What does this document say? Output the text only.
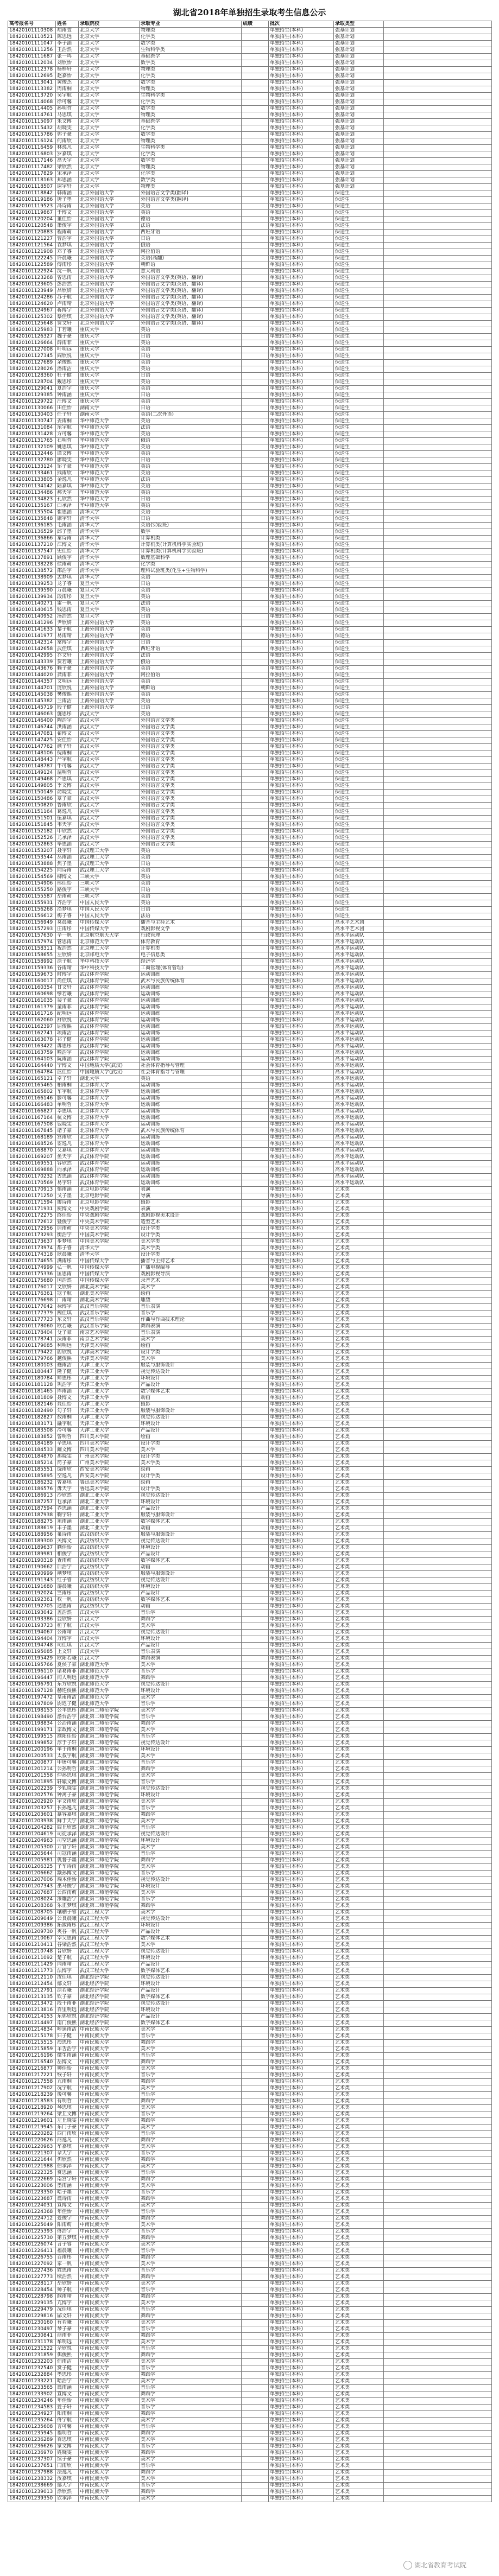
湖北省2018年单独招生录取考生信息公示
高考报名号	姓名	录取院校	录取专业	成绩	批次	录取类型	
18420101110308	胡雨萱	北京大学	物理类		单独招生(本科)	强基计划	
18420101110521	陈思远	北京大学	化学类		单独招生(本科)	强基计划	
18420101111047	李子涵	北京大学	数学类		单独招生(本科)	强基计划	
18420101111256	王浩然	北京大学	生物科学类		单独招生(本科)	强基计划	
18420101111687	张一鸣	北京大学	基础医学		单独招生(本科)	强基计划	
18420101112034	刘欣怡	北京大学	数学类		单独招生(本科)	强基计划	
18420101112378	杨梓轩	北京大学	物理类		单独招生(本科)	强基计划	
18420101112695	赵嘉怡	北京大学	化学类		单独招生(本科)	强基计划	
18420101113041	黄俊杰	北京大学	数学类		单独招生(本科)	强基计划	
18420101113382	周雨桐	北京大学	物理类		单独招生(本科)	强基计划	
18420101113720	吴宇航	北京大学	生物科学类		单独招生(本科)	强基计划	
18420101114068	徐可馨	北京大学	化学类		单独招生(本科)	强基计划	
18420101114405	孙明哲	北京大学	数学类		单独招生(本科)	强基计划	
18420101114761	马思琪	北京大学	物理类		单独招生(本科)	强基计划	
18420101115097	朱文博	北京大学	基础医学		单独招生(本科)	强基计划	
18420101115432	胡晓雯	北京大学	化学类		单独招生(本科)	强基计划	
18420101115786	郭子豪	北京大学	数学类		单独招生(本科)	强基计划	
18420101116124	何雨欣	北京大学	物理类		单独招生(本科)	强基计划	
18420101116459	林逸凡	北京大学	生物科学类		单独招生(本科)	强基计划	
18420101116803	罗嘉琪	北京大学	化学类		单独招生(本科)	强基计划	
18420101117146	高天宇	北京大学	数学类		单独招生(本科)	强基计划	
18420101117482	梁欣然	北京大学	物理类		单独招生(本科)	强基计划	
18420101117829	宋承泽	北京大学	化学类		单独招生(本科)	强基计划	
18420101118163	郑思涵	北京大学	数学类		单独招生(本科)	强基计划	
18420101118507	谢宇轩	北京大学	物理类		单独招生(本科)	强基计划	
18420101118842	韩雨涵	北京外国语大学	外国语言文学类(翻译)		单独招生(本科)	保送生	
18420101119186	唐子墨	北京外国语大学	外国语言文学类(翻译)		单独招生(本科)	保送生	
18420101119523	冯诗雨	北京外国语大学	英语		单独招生(本科)	保送生	
18420101119867	于博文	北京外国语大学	英语		单独招生(本科)	保送生	
18420101120204	董佳怡	北京外国语大学	德语		单独招生(本科)	保送生	
18420101120548	萧俊宇	北京外国语大学	法语		单独招生(本科)	保送生	
18420101120883	程雨萌	北京外国语大学	西班牙语		单独招生(本科)	保送生	
18420101121227	曹浩宇	北京外国语大学	日语		单独招生(本科)	保送生	
18420101121564	袁梦琪	北京外国语大学	俄语		单独招生(本科)	保送生	
18420101121908	邓子睿	北京外国语大学	阿拉伯语		单独招生(本科)	保送生	
18420101122245	许晨曦	北京外国语大学	英语(高翻)		单独招生(本科)	保送生	
18420101122589	傅雨彤	北京外国语大学	朝鲜语		单独招生(本科)	保送生	
18420101122924	沈一帆	北京外国语大学	意大利语		单独招生(本科)	保送生	
18420101123268	曾思雨	北京外国语大学	外国语言文学类(英语、翻译)		单独招生(本科)	保送生	
18420101123605	彭浩然	北京外国语大学	外国语言文学类(英语、翻译)		单独招生(本科)	保送生	
18420101123949	吕欣妍	北京外国语大学	外国语言文学类(英语、翻译)		单独招生(本科)	保送生	
18420101124286	苏子航	北京外国语大学	外国语言文学类(英语、翻译)		单独招生(本科)	保送生	
18420101124620	卢雨晴	北京外国语大学	外国语言文学类(英语、翻译)		单独招生(本科)	保送生	
18420101124967	蒋博宇	北京外国语大学	外国语言文学类(英语、翻译)		单独招生(本科)	保送生	
18420101125302	蔡佳琪	北京外国语大学	外国语言文学类(英语、翻译)		单独招生(本科)	保送生	
18420101125648	贾文轩	北京外国语大学	外国语言文学类(英语、翻译)		单独招生(本科)	保送生	
18420101125983	丁若曦	重庆大学	英语		单独招生(本科)	保送生	
18420101126327	魏子豪	重庆大学	日语		单独招生(本科)	保送生	
18420101126664	薛雨菲	重庆大学	英语		单独招生(本科)	保送生	
18420101127008	叶明远	重庆大学	英语		单独招生(本科)	保送生	
18420101127345	阎欣悦	重庆大学	日语		单独招生(本科)	保送生	
18420101127689	余俊熙	重庆大学	英语		单独招生(本科)	保送生	
18420101128026	潘雨洁	重庆大学	英语		单独招生(本科)	保送生	
18420101128360	杜子健	重庆大学	日语		单独招生(本科)	保送生	
18420101128704	戴思彤	重庆大学	英语		单独招生(本科)	保送生	
18420101129041	夏浩宇	重庆大学	英语		单独招生(本科)	保送生	
18420101129385	钟雨涵	重庆大学	日语		单独招生(本科)	保送生	
18420101129722	汪博文	重庆大学	英语		单独招生(本科)	保送生	
18420101130066	田佳怡	湖南大学	日语		单独招生(本科)	保送生	
18420101130403	任子轩	湖南大学	英语(二次外语)		单独招生(本科)	保送生	
18420101130747	姜雨桐	华中师范大学	英语		单独招生(本科)	保送生	
18420101131084	范宇航	华中师范大学	法语		单独招生(本科)	保送生	
18420101131428	方可馨	华中师范大学	英语		单独招生(本科)	保送生	
18420101131765	石明哲	华中师范大学	俄语		单独招生(本科)	保送生	
18420101132109	姚思琪	华中师范大学	英语		单独招生(本科)	保送生	
18420101132446	谭文博	华中师范大学	英语		单独招生(本科)	保送生	
18420101132780	廖晓雯	华中师范大学	日语		单独招生(本科)	保送生	
18420101133124	邹子豪	华中师范大学	英语		单独招生(本科)	保送生	
18420101133461	熊雨欣	华中师范大学	英语		单独招生(本科)	保送生	
18420101133805	金逸凡	华中师范大学	法语		单独招生(本科)	保送生	
18420101134142	陆嘉琪	华中师范大学	英语		单独招生(本科)	保送生	
18420101134486	郝天宇	华中师范大学	英语		单独招生(本科)	保送生	
18420101134823	孔欣然	华中师范大学	日语		单独招生(本科)	保送生	
18420101135167	白承泽	华中师范大学	英语		单独招生(本科)	保送生	
18420101135504	崔思涵	清华大学	英语		单独招生(本科)	保送生	
18420101135848	康宇轩	清华大学	日语		单独招生(本科)	保送生	
18420101136185	毛雨涵	清华大学	英语(实验班)		单独招生(本科)	保送生	
18420101136529	邱子墨	清华大学	数学		单独招生(本科)	保送生	
18420101136866	秦诗雨	清华大学	计算机类		单独招生(本科)	保送生	
18420101137210	江博文	清华大学	计算机类(计算机科学实验班)		单独招生(本科)	保送生	
18420101137547	史佳怡	清华大学	计算机类(计算机科学实验班)		单独招生(本科)	保送生	
18420101137891	顾俊宇	清华大学	数理基础科学		单独招生(本科)	保送生	
18420101138228	侯雨萌	清华大学	化学类		单独招生(本科)	保送生	
18420101138572	邵浩宇	清华大学	理科试验班类(化生+生物科学)		单独招生(本科)	保送生	
18420101138909	孟梦琪	清华大学	英语		单独招生(本科)	保送生	
18420101139253	龙子睿	复旦大学	日语		单独招生(本科)	保送生	
18420101139590	万晨曦	复旦大学	英语		单独招生(本科)	保送生	
18420101139934	段雨彤	复旦大学	英语		单独招生(本科)	保送生	
18420101140271	雷一帆	复旦大学	法语		单独招生(本科)	保送生	
18420101140615	钱思雨	复旦大学	英语		单独招生(本科)	保送生	
18420101140952	汤浩然	复旦大学	日语		单独招生(本科)	保送生	
18420101141296	尹欣妍	上海外国语大学	英语		单独招生(本科)	保送生	
18420101141633	黎子航	上海外国语大学	英语		单独招生(本科)	保送生	
18420101141977	易雨晴	上海外国语大学	德语		单独招生(本科)	保送生	
18420101142314	常博宇	上海外国语大学	日语		单独招生(本科)	保送生	
18420101142658	武佳琪	上海外国语大学	西班牙语		单独招生(本科)	保送生	
18420101142995	乔文轩	上海外国语大学	法语		单独招生(本科)	保送生	
18420101143339	贺若曦	上海外国语大学	俄语		单独招生(本科)	保送生	
18420101143676	赖子豪	上海外国语大学	英语		单独招生(本科)	保送生	
18420101144020	龚雨菲	上海外国语大学	阿拉伯语		单独招生(本科)	保送生	
18420101144357	文明远	上海外国语大学	英语		单独招生(本科)	保送生	
18420101144701	庞欣悦	上海外国语大学	朝鲜语		单独招生(本科)	保送生	
18420101145038	樊俊熙	上海外国语大学	英语		单独招生(本科)	保送生	
18420101145382	兰雨洁	上海外国语大学	英语		单独招生(本科)	保送生	
18420101145719	殷子健	上海外国语大学	日语		单独招生(本科)	保送生	
18420101146063	施思彤	武汉大学	英语		单独招生(本科)	保送生	
18420101146400	陶浩宇	武汉大学	外国语言文学类		单独招生(本科)	保送生	
18420101146744	洪雨涵	武汉大学	外国语言文学类		单独招生(本科)	保送生	
18420101147081	翟博文	武汉大学	外国语言文学类		单独招生(本科)	保送生	
18420101147425	安佳怡	武汉大学	外国语言文学类		单独招生(本科)	保送生	
18420101147762	颜子轩	武汉大学	外国语言文学类		单独招生(本科)	保送生	
18420101148106	倪雨桐	武汉大学	外国语言文学类		单独招生(本科)	保送生	
18420101148443	严宇航	武汉大学	外国语言文学类		单独招生(本科)	保送生	
18420101148787	牛可馨	武汉大学	外国语言文学类		单独招生(本科)	保送生	
18420101149124	温明哲	武汉大学	外国语言文学类		单独招生(本科)	保送生	
18420101149468	芦思琪	武汉大学	外国语言文学类		单独招生(本科)	保送生	
18420101149805	季文博	武汉大学	外国语言文学类		单独招生(本科)	保送生	
18420101150149	俞晓雯	武汉大学	外国语言文学类		单独招生(本科)	保送生	
18420101150486	章子豪	武汉大学	外国语言文学类		单独招生(本科)	保送生	
18420101150820	鲁雨欣	武汉大学	外国语言文学类		单独招生(本科)	保送生	
18420101151164	葛逸凡	武汉大学	外国语言文学类		单独招生(本科)	保送生	
18420101151501	伍嘉琪	武汉大学	外国语言文学类		单独招生(本科)	保送生	
18420101151845	韦天宇	武汉大学	外国语言文学类		单独招生(本科)	保送生	
18420101152182	申欣然	武汉大学	外国语言文学类		单独招生(本科)	保送生	
18420101152526	尤承泽	武汉大学	外国语言文学类		单独招生(本科)	保送生	
18420101152863	毕思涵	武汉大学	外国语言文学类		单独招生(本科)	保送生	
18420101153207	聂宇轩	武汉理工大学	英语		单独招生(本科)	保送生	
18420101153544	丛雨涵	武汉理工大学	英语		单独招生(本科)	保送生	
18420101153888	焦子墨	武汉理工大学	日语		单独招生(本科)	保送生	
18420101154225	向诗雨	武汉理工大学	英语		单独招生(本科)	保送生	
18420101154569	柳博文	三峡大学	英语		单独招生(本科)	保送生	
18420101154906	邢佳怡	三峡大学	英语		单独招生(本科)	保送生	
18420101155250	路俊宇	三峡大学	日语		单独招生(本科)	保送生	
18420101155587	岳雨萌	三峡大学	英语		单独招生(本科)	保送生	
18420101155931	齐浩宇	中国人民大学	英语		单独招生(本科)	保送生	
18420101156268	沿梦琪	中国人民大学	日语		单独招生(本科)	保送生	
18420101156612	梅子睿	中国人民大学	法语		单独招生(本科)	保送生	
18420101156949	莫晨曦	中国传媒大学	播音与主持艺术		单独招生(本科)	高水平艺术团	
18420101157293	庄雨彤	中国传媒大学	戏剧影视文学		单独招生(本科)	高水平艺术团	
18420101157630	辛一帆	北京航空航天大学	行政管理		单独招生(本科)	高水平运动队	
18420101157974	管思雨	北京师范大学	体育教育		单独招生(本科)	高水平运动队	
18420101158311	祝浩然	北京理工大学	计算机类		单独招生(本科)	高水平运动队	
18420101158655	左欣妍	北京邮电大学	电子信息类		单独招生(本科)	高水平运动队	
18420101158992	涂子航	华中科技大学	经济学		单独招生(本科)	高水平运动队	
18420101159336	谷雨晴	华中科技大学	工商管理(体育管理)		单独招生(本科)	高水平运动队	
18420101159673	时博宇	武汉体育学院	运动训练		单独招生(本科)	高水平运动队	
18420101160017	尚佳琪	武汉体育学院	武术与民族传统体育		单独招生(本科)	高水平运动队	
18420101160354	甘文轩	武汉体育学院	运动训练		单独招生(本科)	高水平运动队	
18420101160698	缪若曦	武汉体育学院	运动训练		单独招生(本科)	高水平运动队	
18420101161035	裴子豪	武汉体育学院	运动训练		单独招生(本科)	高水平运动队	
18420101161379	童雨菲	武汉体育学院	运动训练		单独招生(本科)	高水平运动队	
18420101161716	纪明远	武汉体育学院	运动训练		单独招生(本科)	高水平运动队	
18420101162060	舒欣悦	武汉体育学院	运动训练		单独招生(本科)	高水平运动队	
18420101162397	屈俊熙	武汉体育学院	运动训练		单独招生(本科)	高水平运动队	
18420101162741	项雨洁	武汉体育学院	运动训练		单独招生(本科)	高水平运动队	
18420101163078	祁子健	武汉体育学院	运动训练		单独招生(本科)	高水平运动队	
18420101163422	毋思彤	武汉体育学院	运动训练		单独招生(本科)	高水平运动队	
18420101163759	喻浩宇	武汉体育学院	运动训练		单独招生(本科)	高水平运动队	
18420101164103	阮雨涵	武汉体育学院	运动训练		单独招生(本科)	高水平运动队	
18420101164440	宁博文	中国地质大学(武汉)	社会体育指导与管理		单独招生(本科)	高水平运动队	
18420101164784	蓝佳怡	中国地质大学(武汉)	社会体育指导与管理		单独招生(本科)	高水平运动队	
18420101165121	卓子轩	湖北大学	英语		单独招生(本科)	高水平运动队	
18420101165465	柏雨桐	北京体育大学	运动训练		单独招生(本科)	高水平运动队	
18420101165802	车宇航	北京体育大学	运动训练		单独招生(本科)	高水平运动队	
18420101166146	滕可馨	北京体育大学	运动训练		单独招生(本科)	高水平运动队	
18420101166483	单明哲	北京体育大学	运动训练		单独招生(本科)	高水平运动队	
18420101166827	莘思琪	北京体育大学	运动训练		单独招生(本科)	高水平运动队	
18420101167164	杭文博	北京体育大学	运动训练		单独招生(本科)	高水平运动队	
18420101167508	包晓雯	北京体育大学	运动训练		单独招生(本科)	高水平运动队	
18420101167845	诸子豪	北京体育大学	武术与民族传统体育		单独招生(本科)	高水平运动队	
18420101168189	宫雨欣	北京体育大学	运动训练		单独招生(本科)	高水平运动队	
18420101168526	宦逸凡	北京体育大学	运动训练		单独招生(本科)	高水平运动队	
18420101168870	艾嘉琪	北京体育大学	运动训练		单独招生(本科)	高水平运动队	
18420101169207	鱼天宇	武汉体育学院	运动训练		单独招生(本科)	高水平运动队	
18420101169551	容欣然	武汉体育学院	运动训练		单独招生(本科)	高水平运动队	
18420101169888	向承泽	武汉体育学院	运动训练		单独招生(本科)	高水平运动队	
18420101170232	古思涵	武汉体育学院	运动训练		单独招生(本科)	高水平运动队	
18420101170569	易宇轩	武汉体育学院	运动训练		单独招生(本科)	高水平运动队	
18420101170913	慎雨涵	北京电影学院	表演		单独招生(本科)	艺术类	
18420101171250	戈子墨	北京电影学院	导演		单独招生(本科)	艺术类	
18420101171594	廖诗雨	北京电影学院	摄影		单独招生(本科)	艺术类	
18420101171931	庾博文	中央戏剧学院	表演		单独招生(本科)	艺术类	
18420101172275	终佳怡	中央戏剧学院	戏剧影视美术设计		单独招生(本科)	艺术类	
18420101172612	暨俊宇	中央美术学院	造型艺术		单独招生(本科)	艺术类	
18420101172956	居雨萌	中央美术学院	设计学类		单独招生(本科)	艺术类	
18420101173293	衡浩宇	中国美术学院	设计学类		单独招生(本科)	艺术类	
18420101173637	步梦琪	中国美术学院	美术学类		单独招生(本科)	艺术类	
18420101173974	都子睿	清华大学	美术学类		单独招生(本科)	艺术类	
18420101174318	耿晨曦	清华大学	设计学类		单独招生(本科)	艺术类	
18420101174655	满雨彤	中国传媒大学	播音与主持艺术		单独招生(本科)	艺术类	
18420101174999	弘一帆	中国传媒大学	广播电视编导		单独招生(本科)	艺术类	
18420101175336	匡思雨	中国传媒大学	戏剧影视导演		单独招生(本科)	艺术类	
18420101175680	国浩然	中国传媒大学	录音艺术		单独招生(本科)	艺术类	
18420101176017	文欣妍	湖北美术学院	美术学		单独招生(本科)	艺术类	
18420101176361	寇子航	湖北美术学院	绘画		单独招生(本科)	艺术类	
18420101176698	广雨晴	湖北美术学院	雕塑		单独招生(本科)	艺术类	
18420101177042	禄博宇	武汉音乐学院	音乐表演		单独招生(本科)	艺术类	
18420101177379	阙佳琪	武汉音乐学院	音乐学		单独招生(本科)	艺术类	
18420101177723	东文轩	武汉音乐学院	作曲与作曲技术理论		单独招生(本科)	艺术类	
18420101178060	欧若曦	武汉音乐学院	舞蹈表演		单独招生(本科)	艺术类	
18420101178404	殳子豪	南京艺术学院	音乐表演		单独招生(本科)	艺术类	
18420101178741	沃雨菲	南京艺术学院	美术学		单独招生(本科)	艺术类	
18420101179085	利明远	天津美术学院	绘画		单独招生(本科)	艺术类	
18420101179422	蔚欣悦	天津美术学院	设计学类		单独招生(本科)	艺术类	
18420101179766	越俊熙	天津美术学院	美术学		单独招生(本科)	艺术类	
18420101180103	夔雨洁	天津工业大学	服装与服饰设计		单独招生(本科)	艺术类	
18420101180447	隆子健	天津工业大学	视觉传达设计		单独招生(本科)	艺术类	
18420101180784	师思彤	天津工业大学	环境设计		单独招生(本科)	艺术类	
18420101181128	巩浩宇	天津工业大学	产品设计		单独招生(本科)	艺术类	
18420101181465	厍雨涵	天津工业大学	数字媒体艺术		单独招生(本科)	艺术类	
18420101181809	聂博文	天津工业大学	动画		单独招生(本科)	艺术类	
18420101182146	晁佳怡	天津工业大学	摄影		单独招生(本科)	艺术类	
18420101182490	勾子轩	天津工业大学	服装与服饰设计		单独招生(本科)	艺术类	
18420101182827	敖雨桐	天津工业大学	视觉传达设计		单独招生(本科)	艺术类	
18420101183171	融宇航	天津工业大学	环境设计		单独招生(本科)	艺术类	
18420101183508	冷可馨	天津工业大学	产品设计		单独招生(本科)	艺术类	
18420101183852	訾明哲	四川美术学院	绘画		单独招生(本科)	艺术类	
18420101184189	辛思琪	四川美术学院	设计学类		单独招生(本科)	艺术类	
18420101184533	阚文博	四川美术学院	美术学		单独招生(本科)	艺术类	
18420101184870	那晓雯	广州美术学院	设计学类		单独招生(本科)	艺术类	
18420101185214	简子豪	广州美术学院	美术学类		单独招生(本科)	艺术类	
18420101185551	饶雨欣	西安美术学院	绘画		单独招生(本科)	艺术类	
18420101185895	空逸凡	西安美术学院	设计学类		单独招生(本科)	艺术类	
18420101186232	曾嘉琪	鲁迅美术学院	绘画		单独招生(本科)	艺术类	
18420101186576	毋天宇	鲁迅美术学院	设计学类		单独招生(本科)	艺术类	
18420101186913	沙欣然	湖北工业大学	视觉传达设计		单独招生(本科)	艺术类	
18420101187257	乜承泽	湖北工业大学	环境设计		单独招生(本科)	艺术类	
18420101187594	养思涵	湖北工业大学	产品设计		单独招生(本科)	艺术类	
18420101187938	鞠宇轩	湖北工业大学	服装与服饰设计		单独招生(本科)	艺术类	
18420101188275	须雨涵	湖北工业大学	数字媒体艺术		单独招生(本科)	艺术类	
18420101188619	丰子墨	湖北工业大学	动画		单独招生(本科)	艺术类	
18420101188956	巢诗雨	武汉纺织大学	服装与服饰设计		单独招生(本科)	艺术类	
18420101189300	关博文	武汉纺织大学	视觉传达设计		单独招生(本科)	艺术类	
18420101189637	蒯佳怡	武汉纺织大学	环境设计		单独招生(本科)	艺术类	
18420101189981	相俊宇	武汉纺织大学	产品设计		单独招生(本科)	艺术类	
18420101190318	查雨萌	武汉纺织大学	数字媒体艺术		单独招生(本科)	艺术类	
18420101190662	后浩宇	武汉纺织大学	动画		单独招生(本科)	艺术类	
18420101190999	荆梦琪	武汉纺织大学	服装与服饰设计		单独招生(本科)	艺术类	
18420101191343	红子睿	武汉纺织大学	视觉传达设计		单独招生(本科)	艺术类	
18420101191680	游晨曦	武汉纺织大学	环境设计		单独招生(本科)	艺术类	
18420101192024	竺雨彤	武汉纺织大学	产品设计		单独招生(本科)	艺术类	
18420101192361	权一帆	武汉纺织大学	数字媒体艺术		单独招生(本科)	艺术类	
18420101192705	逯思雨	武汉纺织大学	动画		单独招生(本科)	艺术类	
18420101193042	盖浩然	江汉大学	音乐学		单独招生(本科)	艺术类	
18420101193386	益欣妍	江汉大学	舞蹈学		单独招生(本科)	艺术类	
18420101193723	桓子航	江汉大学	美术学		单独招生(本科)	艺术类	
18420101194067	公雨晴	江汉大学	视觉传达设计		单独招生(本科)	艺术类	
18420101194404	万博宇	江汉大学	环境设计		单独招生(本科)	艺术类	
18420101194748	司佳琪	江汉大学	产品设计		单独招生(本科)	艺术类	
18420101195085	上文轩	江汉大学	音乐表演		单独招生(本科)	艺术类	
18420101195429	欧阳若曦	江汉大学	舞蹈表演		单独招生(本科)	艺术类	
18420101195766	夏侯子豪	湖北师范大学	美术学		单独招生(本科)	艺术类	
18420101196110	诸葛雨菲	湖北师范大学	音乐学		单独招生(本科)	艺术类	
18420101196447	闻人明远	湖北师范大学	舞蹈学		单独招生(本科)	艺术类	
18420101196791	东方欣悦	湖北师范大学	视觉传达设计		单独招生(本科)	艺术类	
18420101197128	赫连俊熙	湖北师范大学	环境设计		单独招生(本科)	艺术类	
18420101197472	皇甫雨洁	湖北师范大学	美术学		单独招生(本科)	艺术类	
18420101197809	尉迟子健	湖北师范大学	音乐学		单独招生(本科)	艺术类	
18420101198153	公羊思彤	湖北第二师范学院	美术学		单独招生(本科)	艺术类	
18420101198490	澹台浩宇	湖北第二师范学院	音乐学		单独招生(本科)	艺术类	
18420101198834	公冶雨涵	湖北第二师范学院	舞蹈学		单独招生(本科)	艺术类	
18420101199171	宗政博文	湖北第二师范学院	美术学		单独招生(本科)	艺术类	
18420101199515	濮阳佳怡	湖北第二师范学院	音乐学		单独招生(本科)	艺术类	
18420101199852	淳于子轩	湖北第二师范学院	视觉传达设计		单独招生(本科)	艺术类	
18420101200196	单于雨桐	湖北第二师范学院	环境设计		单独招生(本科)	艺术类	
18420101200533	太叔宇航	湖北第二师范学院	美术学		单独招生(本科)	艺术类	
18420101200877	申屠可馨	湖北第二师范学院	音乐学		单独招生(本科)	艺术类	
18420101201214	公孙明哲	湖北第二师范学院	舞蹈学		单独招生(本科)	艺术类	
18420101201558	仲孙思琪	湖北第二师范学院	美术学		单独招生(本科)	艺术类	
18420101201895	轩辕文博	湖北第二师范学院	音乐学		单独招生(本科)	艺术类	
18420101202239	令狐晓雯	湖北第二师范学院	视觉传达设计		单独招生(本科)	艺术类	
18420101202576	钟离子豪	湖北第二师范学院	环境设计		单独招生(本科)	艺术类	
18420101202920	宇文雨欣	湖北第二师范学院	美术学		单独招生(本科)	艺术类	
18420101203257	长孙逸凡	湖北第二师范学院	音乐学		单独招生(本科)	艺术类	
18420101203601	慕容嘉琪	湖北第二师范学院	舞蹈学		单独招生(本科)	艺术类	
18420101203938	鲜于天宇	湖北第二师范学院	美术学		单独招生(本科)	艺术类	
18420101204282	闾丘欣然	湖北第二师范学院	音乐学		单独招生(本科)	艺术类	
18420101204619	司徒承泽	湖北第二师范学院	视觉传达设计		单独招生(本科)	艺术类	
18420101204963	司空思涵	湖北第二师范学院	环境设计		单独招生(本科)	艺术类	
18420101205300	亓官宇轩	湖北第二师范学院	美术学		单独招生(本科)	艺术类	
18420101205644	司寇雨涵	湖北第二师范学院	音乐学		单独招生(本科)	艺术类	
18420101205981	仉督子墨	湖北第二师范学院	舞蹈学		单独招生(本科)	艺术类	
18420101206325	子车诗雨	湖北第二师范学院	美术学		单独招生(本科)	艺术类	
18420101206662	颛孙博文	湖北第二师范学院	音乐学		单独招生(本科)	艺术类	
18420101207006	端木佳怡	湖北第二师范学院	视觉传达设计		单独招生(本科)	艺术类	
18420101207343	巫马俊宇	湖北第二师范学院	环境设计		单独招生(本科)	艺术类	
18420101207687	公西雨萌	湖北第二师范学院	美术学		单独招生(本科)	艺术类	
18420101208024	漆雕浩宇	湖北第二师范学院	音乐学		单独招生(本科)	艺术类	
18420101208368	乐正梦琪	湖北第二师范学院	舞蹈学		单独招生(本科)	艺术类	
18420101208705	壤驷子睿	武汉工程大学	美术学		单独招生(本科)	艺术类	
18420101209049	公良晨曦	武汉工程大学	视觉传达设计		单独招生(本科)	艺术类	
18420101209386	拓跋雨彤	武汉工程大学	环境设计		单独招生(本科)	艺术类	
18420101209730	夹谷一帆	武汉工程大学	产品设计		单独招生(本科)	艺术类	
18420101210067	宰父思雨	武汉工程大学	数字媒体艺术		单独招生(本科)	艺术类	
18420101210411	谷梁浩然	武汉工程大学	美术学		单独招生(本科)	艺术类	
18420101210748	晋欣妍	武汉工程大学	视觉传达设计		单独招生(本科)	艺术类	
18420101211092	楚子航	武汉工程大学	环境设计		单独招生(本科)	艺术类	
18420101211429	闫雨晴	武汉工程大学	产品设计		单独招生(本科)	艺术类	
18420101211773	法博宇	武汉工程大学	数字媒体艺术		单独招生(本科)	艺术类	
18420101212110	汝佳琪	湖北经济学院	视觉传达设计		单独招生(本科)	艺术类	
18420101212454	鄢文轩	湖北经济学院	环境设计		单独招生(本科)	艺术类	
18420101212791	涂若曦	湖北经济学院	产品设计		单独招生(本科)	艺术类	
18420101213135	钦子豪	湖北经济学院	数字媒体艺术		单独招生(本科)	艺术类	
18420101213472	段干雨菲	湖北经济学院	视觉传达设计		单独招生(本科)	艺术类	
18420101213816	百里明远	湖北经济学院	环境设计		单独招生(本科)	艺术类	
18420101214153	东郭欣悦	湖北经济学院	产品设计		单独招生(本科)	艺术类	
18420101214497	南门俊熙	湖北经济学院	数字媒体艺术		单独招生(本科)	艺术类	
18420101214834	呼延雨洁	中南民族大学	美术学		单独招生(本科)	艺术类	
18420101215178	归子健	中南民族大学	音乐学		单独招生(本科)	艺术类	
18420101215515	海思彤	中南民族大学	舞蹈学		单独招生(本科)	艺术类	
18420101215859	羊舌浩宇	中南民族大学	美术学		单独招生(本科)	艺术类	
18420101216196	微生雨涵	中南民族大学	音乐学		单独招生(本科)	艺术类	
18420101216540	岳博文	中南民族大学	舞蹈学		单独招生(本科)	艺术类	
18420101216877	帅佳怡	中南民族大学	美术学		单独招生(本科)	艺术类	
18420101217221	缑子轩	中南民族大学	音乐学		单独招生(本科)	艺术类	
18420101217558	亢雨桐	中南民族大学	舞蹈学		单独招生(本科)	艺术类	
18420101217902	况宇航	中南民族大学	美术学		单独招生(本科)	艺术类	
18420101218239	後可馨	中南民族大学	音乐学		单独招生(本科)	艺术类	
18420101218583	有明哲	中南民族大学	舞蹈学		单独招生(本科)	艺术类	
18420101218920	琴思琪	中南民族大学	美术学		单独招生(本科)	艺术类	
18420101219264	梁丘文博	中南民族大学	音乐学		单独招生(本科)	艺术类	
18420101219601	左丘晓雯	中南民族大学	舞蹈学		单独招生(本科)	艺术类	
18420101219945	东门子豪	中南民族大学	美术学		单独招生(本科)	艺术类	
18420101220282	西门雨欣	中南民族大学	音乐学		单独招生(本科)	艺术类	
18420101220626	商逸凡	中南民族大学	舞蹈学		单独招生(本科)	艺术类	
18420101220963	牟嘉琪	中南民族大学	美术学		单独招生(本科)	艺术类	
18420101221307	佘天宇	中南民族大学	音乐学		单独招生(本科)	艺术类	
18420101221644	佴欣然	中南民族大学	舞蹈学		单独招生(本科)	艺术类	
18420101221988	伯承泽	中南民族大学	美术学		单独招生(本科)	艺术类	
18420101222325	赏思涵	中南民族大学	音乐学		单独招生(本科)	艺术类	
18420101222669	南宫宇轩	中南民族大学	舞蹈学		单独招生(本科)	艺术类	
18420101223006	墨雨涵	中南民族大学	美术学		单独招生(本科)	艺术类	
18420101223350	哈子墨	中南民族大学	音乐学		单独招生(本科)	艺术类	
18420101223687	谯诗雨	中南民族大学	舞蹈学		单独招生(本科)	艺术类	
18420101224031	笪博文	中南民族大学	美术学		单独招生(本科)	艺术类	
18420101224368	年佳怡	中南民族大学	音乐学		单独招生(本科)	艺术类	
18420101224712	爱俊宇	中南民族大学	舞蹈学		单独招生(本科)	艺术类	
18420101225049	阳雨萌	中南民族大学	美术学		单独招生(本科)	艺术类	
18420101225393	佟浩宇	中南民族大学	音乐学		单独招生(本科)	艺术类	
18420101225730	第五梦琪	中南民族大学	舞蹈学		单独招生(本科)	艺术类	
18420101226074	言子睿	中南民族大学	美术学		单独招生(本科)	艺术类	
18420101226411	福晨曦	中南民族大学	音乐学		单独招生(本科)	艺术类	
18420101226755	百雨彤	中南民族大学	舞蹈学		单独招生(本科)	艺术类	
18420101227092	家一帆	中南民族大学	美术学		单独招生(本科)	艺术类	
18420101227436	姓思雨	中南民族大学	音乐学		单独招生(本科)	艺术类	
18420101227773	续浩然	中南民族大学	舞蹈学		单独招生(本科)	艺术类	
18420101228117	岳欣妍	中南民族大学	美术学		单独招生(本科)	艺术类	
18420101228454	帅子航	中南民族大学	音乐学		单独招生(本科)	艺术类	
18420101228798	缑雨晴	中南民族大学	舞蹈学		单独招生(本科)	艺术类	
18420101229135	亢博宇	中南民族大学	美术学		单独招生(本科)	艺术类	
18420101229479	况佳琪	中南民族大学	音乐学		单独招生(本科)	艺术类	
18420101229816	郈文轩	中南民族大学	舞蹈学		单独招生(本科)	艺术类	
18420101230160	有若曦	中南民族大学	美术学		单独招生(本科)	艺术类	
18420101230497	琴子豪	中南民族大学	音乐学		单独招生(本科)	艺术类	
18420101230841	商雨菲	中南民族大学	舞蹈学		单独招生(本科)	艺术类	
18420101231178	牟明远	中南民族大学	美术学		单独招生(本科)	艺术类	
18420101231522	佘欣悦	中南民族大学	音乐学		单独招生(本科)	艺术类	
18420101231859	佴俊熙	中南民族大学	舞蹈学		单独招生(本科)	艺术类	
18420101232203	伯雨洁	中南民族大学	美术学		单独招生(本科)	艺术类	
18420101232540	赏子健	中南民族大学	音乐学		单独招生(本科)	艺术类	
18420101232884	墨思彤	中南民族大学	舞蹈学		单独招生(本科)	艺术类	
18420101233221	哈浩宇	中南民族大学	美术学		单独招生(本科)	艺术类	
18420101233565	谯雨涵	中南民族大学	音乐学		单独招生(本科)	艺术类	
18420101233902	笪博文	中南民族大学	舞蹈学		单独招生(本科)	艺术类	
18420101234246	年佳怡	中南民族大学	美术学		单独招生(本科)	艺术类	
18420101234583	爱子轩	中南民族大学	音乐学		单独招生(本科)	艺术类	
18420101234927	阳雨桐	中南民族大学	舞蹈学		单独招生(本科)	艺术类	
18420101235264	佟宇航	中南民族大学	美术学		单独招生(本科)	艺术类	
18420101235608	言可馨	中南民族大学	音乐学		单独招生(本科)	艺术类	
18420101235945	福明哲	中南民族大学	舞蹈学		单独招生(本科)	艺术类	
18420101236289	百思琪	中南民族大学	美术学		单独招生(本科)	艺术类	
18420101236626	家文博	中南民族大学	音乐学		单独招生(本科)	艺术类	
18420101236970	姓晓雯	中南民族大学	舞蹈学		单独招生(本科)	艺术类	
18420101237307	续子豪	中南民族大学	美术学		单独招生(本科)	艺术类	
18420101237651	闫雨欣	中南民族大学	音乐学		单独招生(本科)	艺术类	
18420101237988	法逸凡	中南民族大学	舞蹈学		单独招生(本科)	艺术类	
18420101238332	汝嘉琪	中南民族大学	美术学		单独招生(本科)	艺术类	
18420101238669	鄢天宇	中南民族大学	音乐学		单独招生(本科)	艺术类	
18420101239013	涂欣然	中南民族大学	舞蹈学		单独招生(本科)	艺术类	
18420101239350	钦承泽	中南民族大学	美术学		单独招生(本科)	艺术类	
湖北省教育考试院
